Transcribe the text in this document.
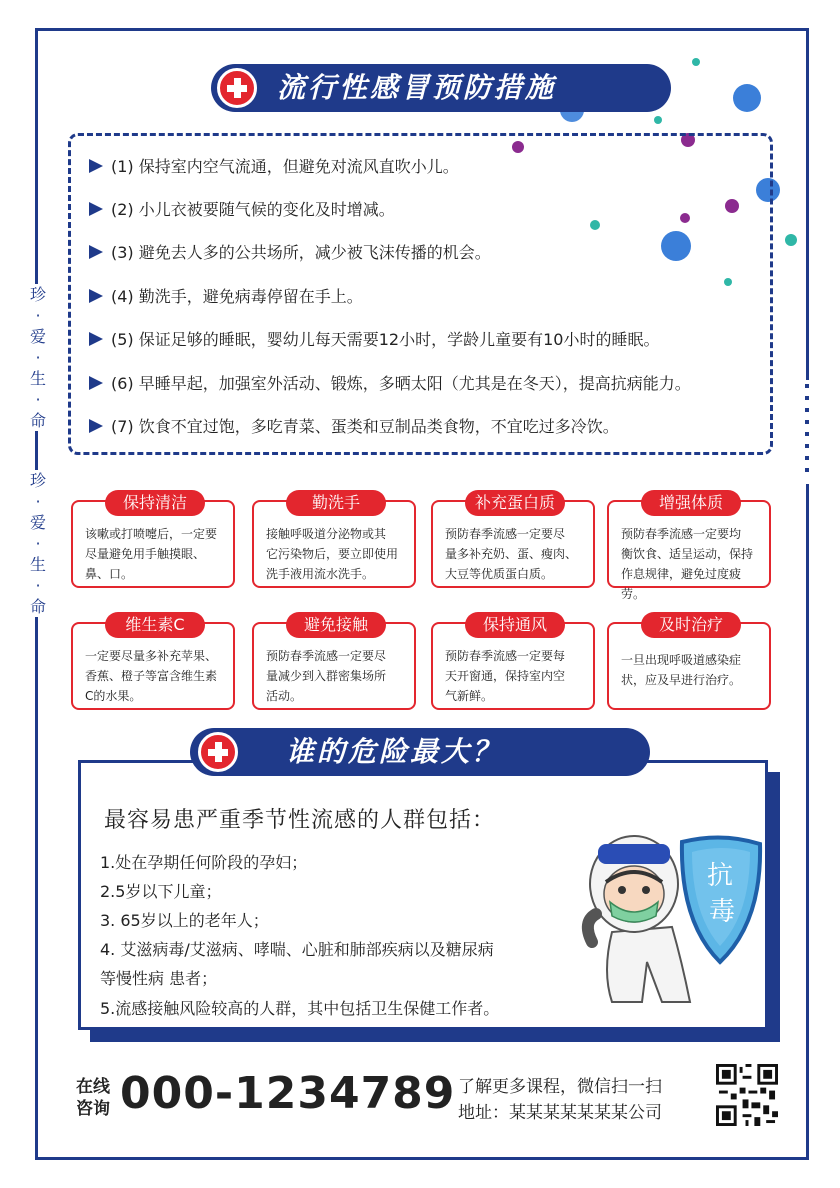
珍
·
爱
·
生
·
命
珍
·
爱
·
生
·
命
流行性感冒预防措施
(1) 保持室内空气流通，但避免对流风直吹小儿。
(2) 小儿衣被要随气候的变化及时增减。
(3) 避免去人多的公共场所，减少被飞沫传播的机会。
(4) 勤洗手，避免病毒停留在手上。
(5) 保证足够的睡眠，婴幼儿每天需要12小时，学龄儿童要有10小时的睡眠。
(6) 早睡早起，加强室外活动、锻炼，多晒太阳（尤其是在冬天），提高抗病能力。
(7) 饮食不宜过饱，多吃青菜、蛋类和豆制品类食物，不宜吃过多冷饮。
保持清洁
该嗽或打喷嚏后，一定要
尽量避免用手触摸眼、
鼻、口。
勤洗手
接触呼吸道分泌物或其
它污染物后，要立即使用
洗手液用流水洗手。
补充蛋白质
预防春季流感一定要尽
量多补充奶、蛋、瘦肉、
大豆等优质蛋白质。
增强体质
预防春季流感一定要均
衡饮食、适呈运动，保持
作息规律，避免过度疲劳。
维生素C
一定要尽量多补充苹果、
香蕉、橙子等富含维生素
C的水果。
避免接触
预防春季流感一定要尽
量减少到入群密集场所
活动。
保持通风
预防春季流感一定要每
天开窗通，保持室内空
气新鲜。
及时治疗
一旦出现呼吸道感染症
状，应及早进行治疗。
谁的危险最大？
最容易患严重季节性流感的人群包括：
1.处在孕期任何阶段的孕妇；
2.5岁以下儿童；
3. 65岁以上的老年人；
4. 艾滋病毒/艾滋病、哮喘、心脏和肺部疾病以及糖尿病
等慢性病 患者；
5.流感接触风险较高的人群，其中包括卫生保健工作者。
抗
毒
在线
咨询 000-1234789 了解更多课程，微信扫一扫
地址：某某某某某某某公司
